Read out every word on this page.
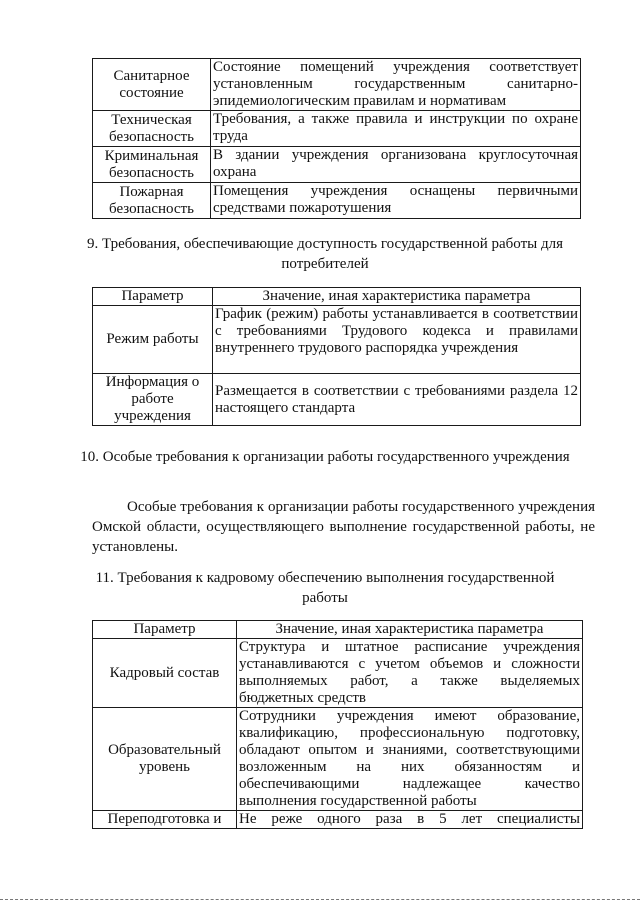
Санитарное состояние	Состояние помещений учреждения соответствует установленным государственным санитарно-эпидемиологическим правилам и нормативам
Техническая безопасность	Требования, а также правила и инструкции по охране труда
Криминальная безопасность	В здании учреждения организована круглосуточная охрана
Пожарная безопасность	Помещения учреждения оснащены первичными средствами пожаротушения
9. Требования, обеспечивающие доступность государственной работы для потребителей
Параметр	Значение, иная характеристика параметра
Режим работы	График (режим) работы устанавливается в соответствии с требованиями Трудового кодекса и правилами внутреннего трудового распорядка учреждения
Информация о работе учреждения	Размещается в соответствии с требованиями раздела 12 настоящего стандарта
10. Особые требования к организации работы государственного учреждения
Особые требования к организации работы государственного учреждения Омской области, осуществляющего выполнение государственной работы, не установлены.
11. Требования к кадровому обеспечению выполнения государственной работы
Параметр	Значение, иная характеристика параметра
Кадровый состав	Структура и штатное расписание учреждения устанавливаются с учетом объемов и сложности выполняемых работ, а также выделяемых бюджетных средств
Образовательный уровень	Сотрудники учреждения имеют образование, квалификацию, профессиональную подготовку, обладают опытом и знаниями, соответствующими возложенным на них обязанностям и обеспечивающими надлежащее качество выполнения государственной работы
Переподготовка и	Не реже одного раза в 5 лет специалисты
